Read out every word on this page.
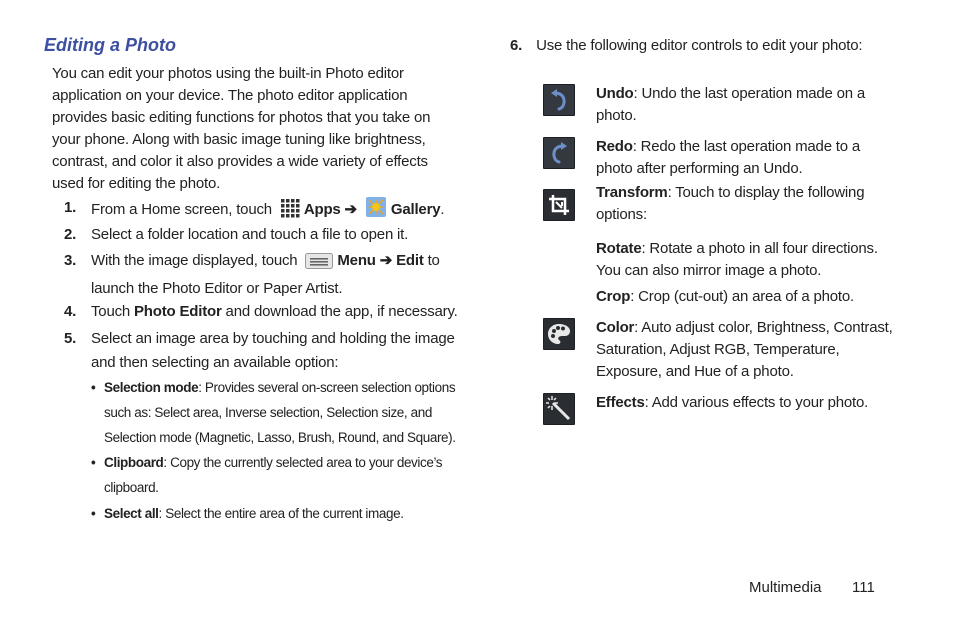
Editing a Photo
You can edit your photos using the built-in Photo editor application on your device. The photo editor application provides basic editing functions for photos that you take on your phone. Along with basic image tuning like brightness, contrast, and color it also provides a wide variety of effects used for editing the photo.
1. From a Home screen, touch Apps ➔ Gallery.
2. Select a folder location and touch a file to open it.
3. With the image displayed, touch	Menu ➔ Edit to launch the Photo Editor or Paper Artist.
4. Touch Photo Editor and download the app, if necessary.
5. Select an image area by touching and holding the image and then selecting an available option:
• Selection mode: Provides several on-screen selection options such as: Select area, Inverse selection, Selection size, and Selection mode (Magnetic, Lasso, Brush, Round, and Square).
• Clipboard: Copy the currently selected area to your device’s clipboard.
• Select all: Select the entire area of the current image.
6. Use the following editor controls to edit your photo:
Undo: Undo the last operation made on a photo.
Redo: Redo the last operation made to a photo after performing an Undo.
Transform: Touch to display the following options:
Rotate: Rotate a photo in all four directions. You can also mirror image a photo.
Crop: Crop (cut-out) an area of a photo.
Color: Auto adjust color, Brightness, Contrast, Saturation, Adjust RGB, Temperature, Exposure, and Hue of a photo.
Effects: Add various effects to your photo.
Multimedia 111
